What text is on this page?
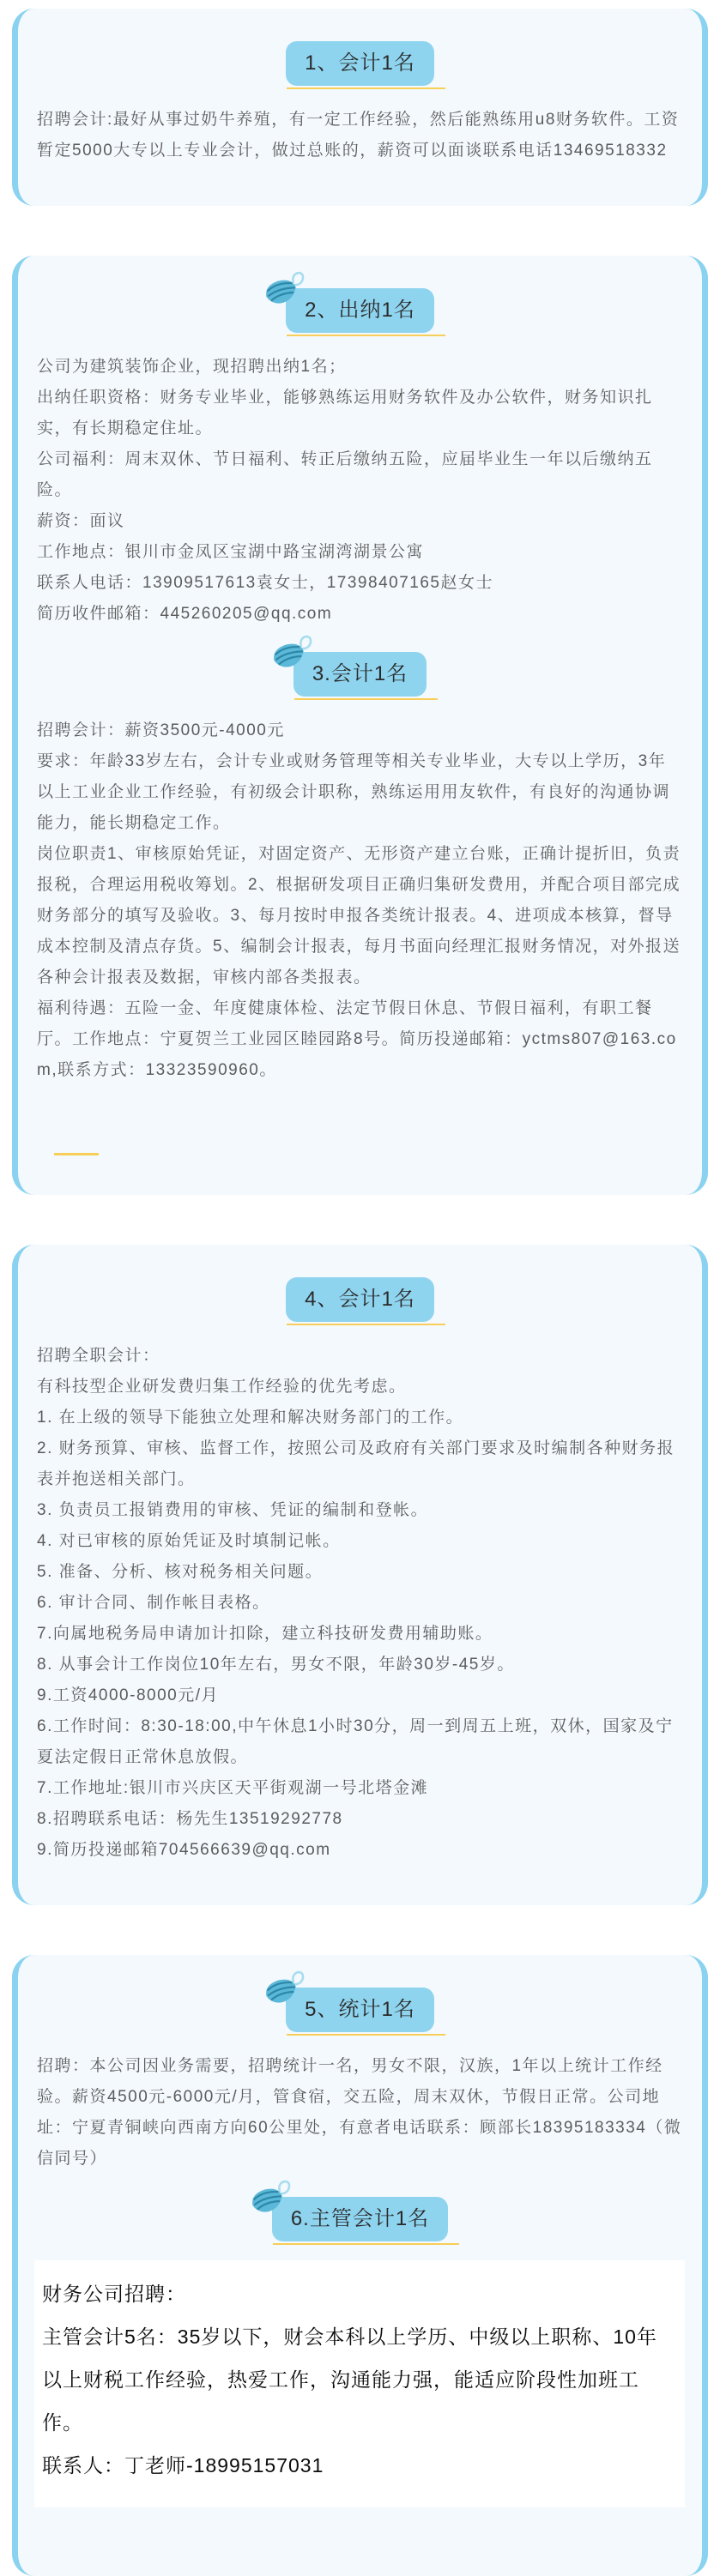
1、会计1名

招聘会计:最好从事过奶牛养殖，有一定工作经验，然后能熟练用u8财务软件。工资暂定5000大专以上专业会计，做过总账的，薪资可以面谈联系电话13469518332

2、出纳1名

公司为建筑装饰企业，现招聘出纳1名；

出纳任职资格：财务专业毕业，能够熟练运用财务软件及办公软件，财务知识扎实，有长期稳定住址。

公司福利：周末双休、节日福利、转正后缴纳五险，应届毕业生一年以后缴纳五险。

薪资：面议

工作地点：银川市金凤区宝湖中路宝湖湾湖景公寓

联系人电话：13909517613袁女士，17398407165赵女士

简历收件邮箱：445260205@qq.com

3.会计1名

招聘会计：薪资3500元-4000元

要求：年龄33岁左右，会计专业或财务管理等相关专业毕业，大专以上学历，3年以上工业企业工作经验，有初级会计职称，熟练运用用友软件，有良好的沟通协调能力，能长期稳定工作。

岗位职责1、审核原始凭证，对固定资产、无形资产建立台账，正确计提折旧，负责报税，合理运用税收筹划。2、根据研发项目正确归集研发费用，并配合项目部完成财务部分的填写及验收。3、每月按时申报各类统计报表。4、进项成本核算，督导成本控制及清点存货。5、编制会计报表，每月书面向经理汇报财务情况，对外报送各种会计报表及数据，审核内部各类报表。

福利待遇：五险一金、年度健康体检、法定节假日休息、节假日福利，有职工餐厅。工作地点：宁夏贺兰工业园区睦园路8号。简历投递邮箱：yctms807@163.com,联系方式：13323590960。

4、会计1名

招聘全职会计：

有科技型企业研发费归集工作经验的优先考虑。

1. 在上级的领导下能独立处理和解决财务部门的工作。

2. 财务预算、审核、监督工作，按照公司及政府有关部门要求及时编制各种财务报表并抱送相关部门。

3. 负责员工报销费用的审核、凭证的编制和登帐。

4. 对已审核的原始凭证及时填制记帐。

5. 准备、分析、核对税务相关问题。

6. 审计合同、制作帐目表格。

7.向属地税务局申请加计扣除，建立科技研发费用辅助账。

8. 从事会计工作岗位10年左右，男女不限，年龄30岁-45岁。

9.工资4000-8000元/月

6.工作时间：8:30-18:00,中午休息1小时30分，周一到周五上班，双休，国家及宁夏法定假日正常休息放假。

7.工作地址:银川市兴庆区天平街观湖一号北塔金滩

8.招聘联系电话：杨先生13519292778

9.简历投递邮箱704566639@qq.com

5、统计1名

招聘：本公司因业务需要，招聘统计一名，男女不限，汉族，1年以上统计工作经验。薪资4500元-6000元/月，管食宿，交五险，周末双休，节假日正常。公司地址：宁夏青铜峡向西南方向60公里处，有意者电话联系：顾部长18395183334（微信同号）

6.主管会计1名

财务公司招聘：

主管会计5名：35岁以下，财会本科以上学历、中级以上职称、10年以上财税工作经验，热爱工作，沟通能力强，能适应阶段性加班工作。

联系人：丁老师-18995157031
